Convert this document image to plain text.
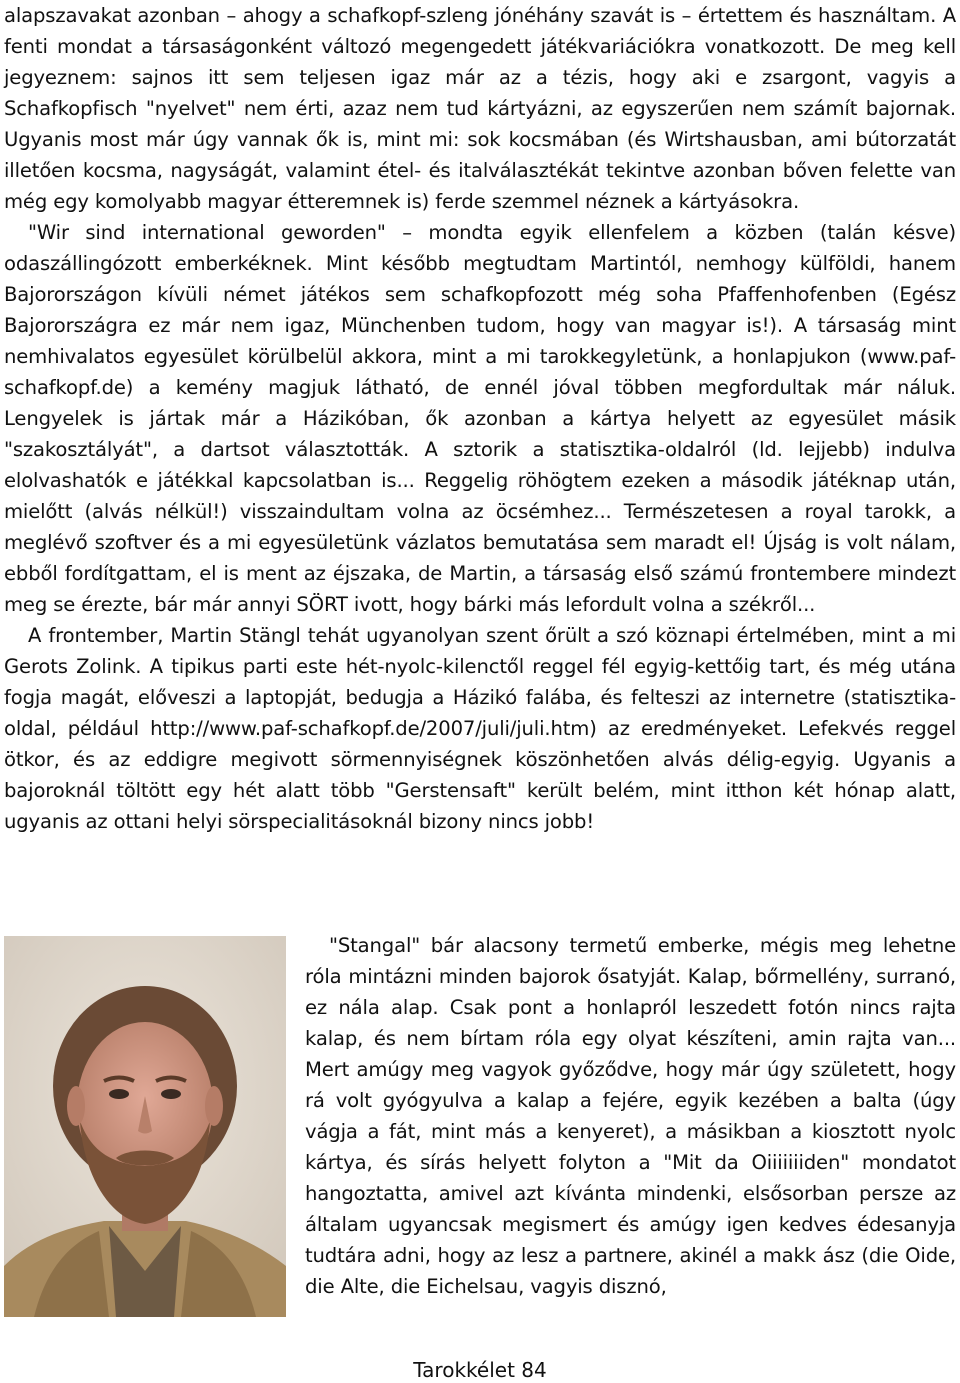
alapszavakat azonban – ahogy a schafkopf-szleng jónéhány szavát is – értettem és használtam. A fenti mondat a társaságonként változó megengedett játékvariációkra vonatkozott. De meg kell jegyeznem: sajnos itt sem teljesen igaz már az a tézis, hogy aki e zsargont, vagyis a Schafkopfisch "nyelvet" nem érti, azaz nem tud kártyázni, az egyszerűen nem számít bajornak. Ugyanis most már úgy vannak ők is, mint mi: sok kocsmában (és Wirtshausban, ami bútorzatát illetően kocsma, nagyságát, valamint étel- és italválasztékát tekintve azonban bőven felette van még egy komolyabb magyar étteremnek is) ferde szemmel néznek a kártyásokra.

"Wir sind international geworden" – mondta egyik ellenfelem a közben (talán késve) odaszállingózott emberkéknek. Mint később megtudtam Martintól, nemhogy külföldi, hanem Bajorországon kívüli német játékos sem schafkopfozott még soha Pfaffenhofenben (Egész Bajorországra ez már nem igaz, Münchenben tudom, hogy van magyar is!). A társaság mint nemhivalatos egyesület körülbelül akkora, mint a mi tarokkegyletünk, a honlapjukon (www.paf-schafkopf.de) a kemény magjuk látható, de ennél jóval többen megfordultak már náluk. Lengyelek is jártak már a Házikóban, ők azonban a kártya helyett az egyesület másik "szakosztályát", a dartsot választották. A sztorik a statisztika-oldalról (ld. lejjebb) indulva elolvashatók e játékkal kapcsolatban is... Reggelig röhögtem ezeken a második játéknap után, mielőtt (alvás nélkül!) visszaindultam volna az öcsémhez... Természetesen a royal tarokk, a meglévő szoftver és a mi egyesületünk vázlatos bemutatása sem maradt el! Újság is volt nálam, ebből fordítgattam, el is ment az éjszaka, de Martin, a társaság első számú frontembere mindezt meg se érezte, bár már annyi SÖRT ivott, hogy bárki más lefordult volna a székről...

A frontember, Martin Stängl tehát ugyanolyan szent őrült a szó köznapi értelmében, mint a mi Gerots Zolink. A tipikus parti este hét-nyolc-kilenctől reggel fél egyig-kettőig tart, és még utána fogja magát, előveszi a laptopját, bedugja a Házikó falába, és felteszi az internetre (statisztika-oldal, például http://www.paf-schafkopf.de/2007/juli/juli.htm) az eredményeket. Lefekvés reggel ötkor, és az eddigre megivott sörmennyiségnek köszönhetően alvás délig-egyig. Ugyanis a bajoroknál töltött egy hét alatt több "Gerstensaft" került belém, mint itthon két hónap alatt, ugyanis az ottani helyi sörspecialitásoknál bizony nincs jobb!

"Stangal" bár alacsony termetű emberke, mégis meg lehetne róla mintázni minden bajorok ősatyját. Kalap, bőrmellény, surranó, ez nála alap. Csak pont a honlapról leszedett fotón nincs rajta kalap, és nem bírtam róla egy olyat készíteni, amin rajta van... Mert amúgy meg vagyok győződve, hogy már úgy született, hogy rá volt gyógyulva a kalap a fejére, egyik kezében a balta (úgy vágja a fát, mint más a kenyeret), a másikban a kiosztott nyolc kártya, és sírás helyett folyton a "Mit da Oiiiiiiiden" mondatot hangoztatta, amivel azt kívánta mindenki, elsősorban persze az általam ugyancsak megismert és amúgy igen kedves édesanyja tudtára adni, hogy az lesz a partnere, akinél a makk ász (die Oide, die Alte, die Eichelsau, vagyis disznó,

Tarokkélet 84
